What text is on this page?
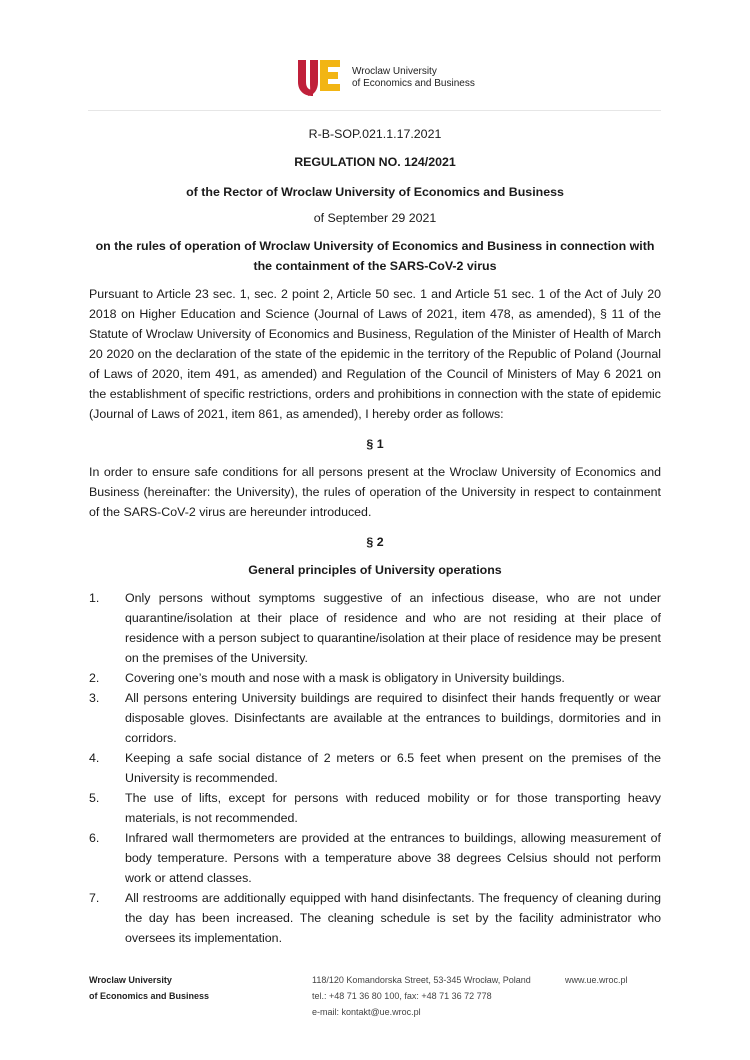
Wroclaw University
of Economics and Business

R-B-SOP.021.1.17.2021

REGULATION NO. 124/2021

of the Rector of Wroclaw University of Economics and Business

of September 29 2021

on the rules of operation of Wroclaw University of Economics and Business in connection with the containment of the SARS-CoV-2 virus

Pursuant to Article 23 sec. 1, sec. 2 point 2, Article 50 sec. 1 and Article 51 sec. 1 of the Act of July 20 2018 on Higher Education and Science (Journal of Laws of 2021, item 478, as amended), § 11 of the Statute of Wroclaw University of Economics and Business, Regulation of the Minister of Health of March 20 2020 on the declaration of the state of the epidemic in the territory of the Republic of Poland (Journal of Laws of 2020, item 491, as amended) and Regulation of the Council of Ministers of May 6 2021 on the establishment of specific restrictions, orders and prohibitions in connection with the state of epidemic (Journal of Laws of 2021, item 861, as amended), I hereby order as follows:

§ 1

In order to ensure safe conditions for all persons present at the Wroclaw University of Economics and Business (hereinafter: the University), the rules of operation of the University in respect to containment of the SARS-CoV-2 virus are hereunder introduced.

§ 2

General principles of University operations

1. Only persons without symptoms suggestive of an infectious disease, who are not under quarantine/isolation at their place of residence and who are not residing at their place of residence with a person subject to quarantine/isolation at their place of residence may be present on the premises of the University.
2. Covering one’s mouth and nose with a mask is obligatory in University buildings.
3. All persons entering University buildings are required to disinfect their hands frequently or wear disposable gloves. Disinfectants are available at the entrances to buildings, dormitories and in corridors.
4. Keeping a safe social distance of 2 meters or 6.5 feet when present on the premises of the University is recommended.
5. The use of lifts, except for persons with reduced mobility or for those transporting heavy materials, is not recommended.
6. Infrared wall thermometers are provided at the entrances to buildings, allowing measurement of body temperature. Persons with a temperature above 38 degrees Celsius should not perform work or attend classes.
7. All restrooms are additionally equipped with hand disinfectants. The frequency of cleaning during the day has been increased. The cleaning schedule is set by the facility administrator who oversees its implementation.
Wroclaw University
of Economics and Business
118/120 Komandorska Street, 53-345 Wrocław, Poland
tel.: +48 71 36 80 100, fax: +48 71 36 72 778
e-mail: kontakt@ue.wroc.pl
www.ue.wroc.pl
